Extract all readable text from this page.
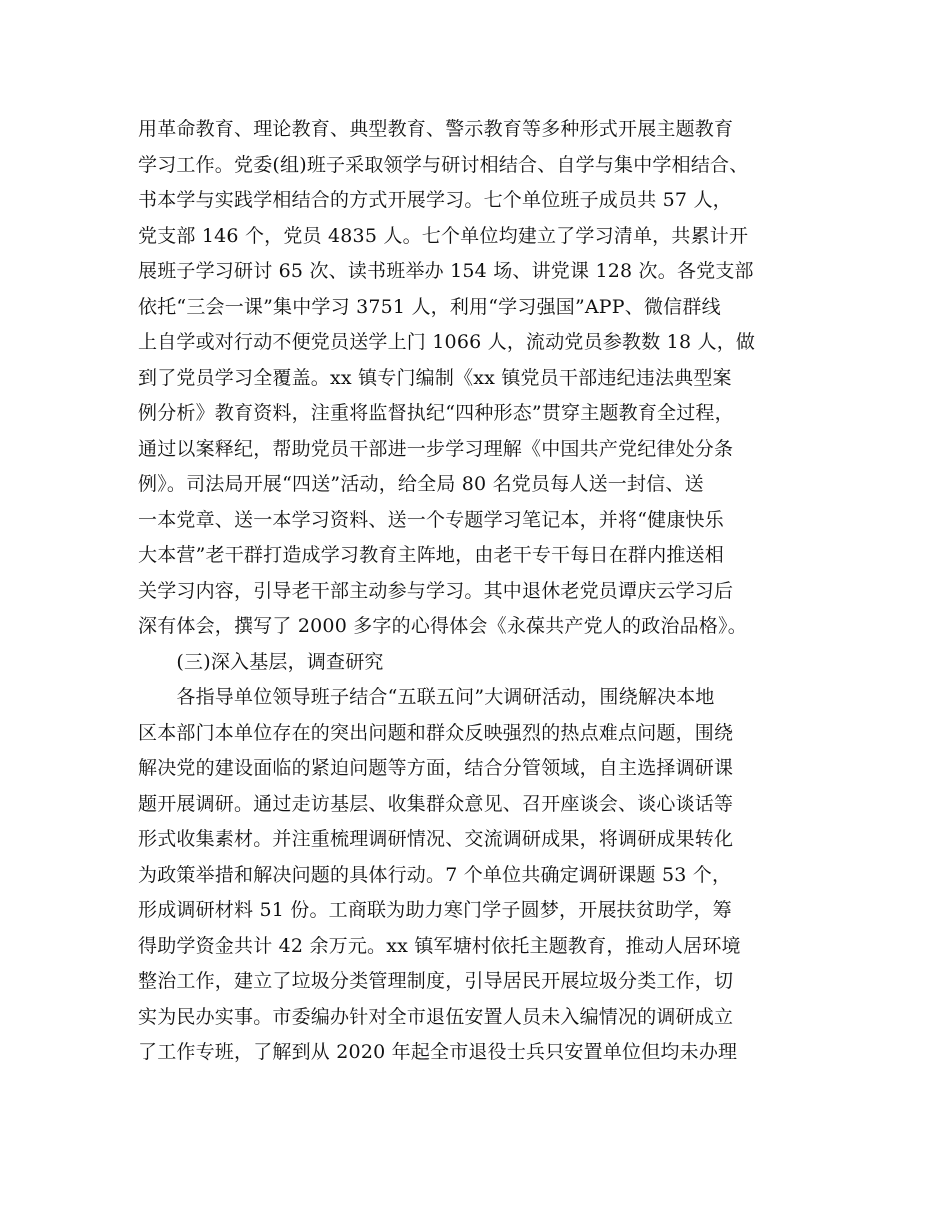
用革命教育、理论教育、典型教育、警示教育等多种形式开展主题教育
学习工作。党委(组)班子采取领学与研讨相结合、自学与集中学相结合、
书本学与实践学相结合的方式开展学习。七个单位班子成员共 57 人，
党支部 146 个，党员 4835 人。七个单位均建立了学习清单，共累计开
展班子学习研讨 65 次、读书班举办 154 场、讲党课 128 次。各党支部
依托“三会一课”集中学习 3751 人，利用“学习强国”APP、微信群线
上自学或对行动不便党员送学上门 1066 人，流动党员参教数 18 人，做
到了党员学习全覆盖。xx 镇专门编制《xx 镇党员干部违纪违法典型案
例分析》教育资料，注重将监督执纪“四种形态”贯穿主题教育全过程，
通过以案释纪，帮助党员干部进一步学习理解《中国共产党纪律处分条
例》。司法局开展“四送”活动，给全局 80 名党员每人送一封信、送
一本党章、送一本学习资料、送一个专题学习笔记本，并将“健康快乐
大本营”老干群打造成学习教育主阵地，由老干专干每日在群内推送相
关学习内容，引导老干部主动参与学习。其中退休老党员谭庆云学习后
深有体会，撰写了 2000 多字的心得体会《永葆共产党人的政治品格》。
　　(三)深入基层，调查研究
　　各指导单位领导班子结合“五联五问”大调研活动，围绕解决本地
区本部门本单位存在的突出问题和群众反映强烈的热点难点问题，围绕
解决党的建设面临的紧迫问题等方面，结合分管领域，自主选择调研课
题开展调研。通过走访基层、收集群众意见、召开座谈会、谈心谈话等
形式收集素材。并注重梳理调研情况、交流调研成果，将调研成果转化
为政策举措和解决问题的具体行动。7 个单位共确定调研课题 53 个，
形成调研材料 51 份。工商联为助力寒门学子圆梦，开展扶贫助学，筹
得助学资金共计 42 余万元。xx 镇军塘村依托主题教育，推动人居环境
整治工作，建立了垃圾分类管理制度，引导居民开展垃圾分类工作，切
实为民办实事。市委编办针对全市退伍安置人员未入编情况的调研成立
了工作专班，了解到从 2020 年起全市退役士兵只安置单位但均未办理
